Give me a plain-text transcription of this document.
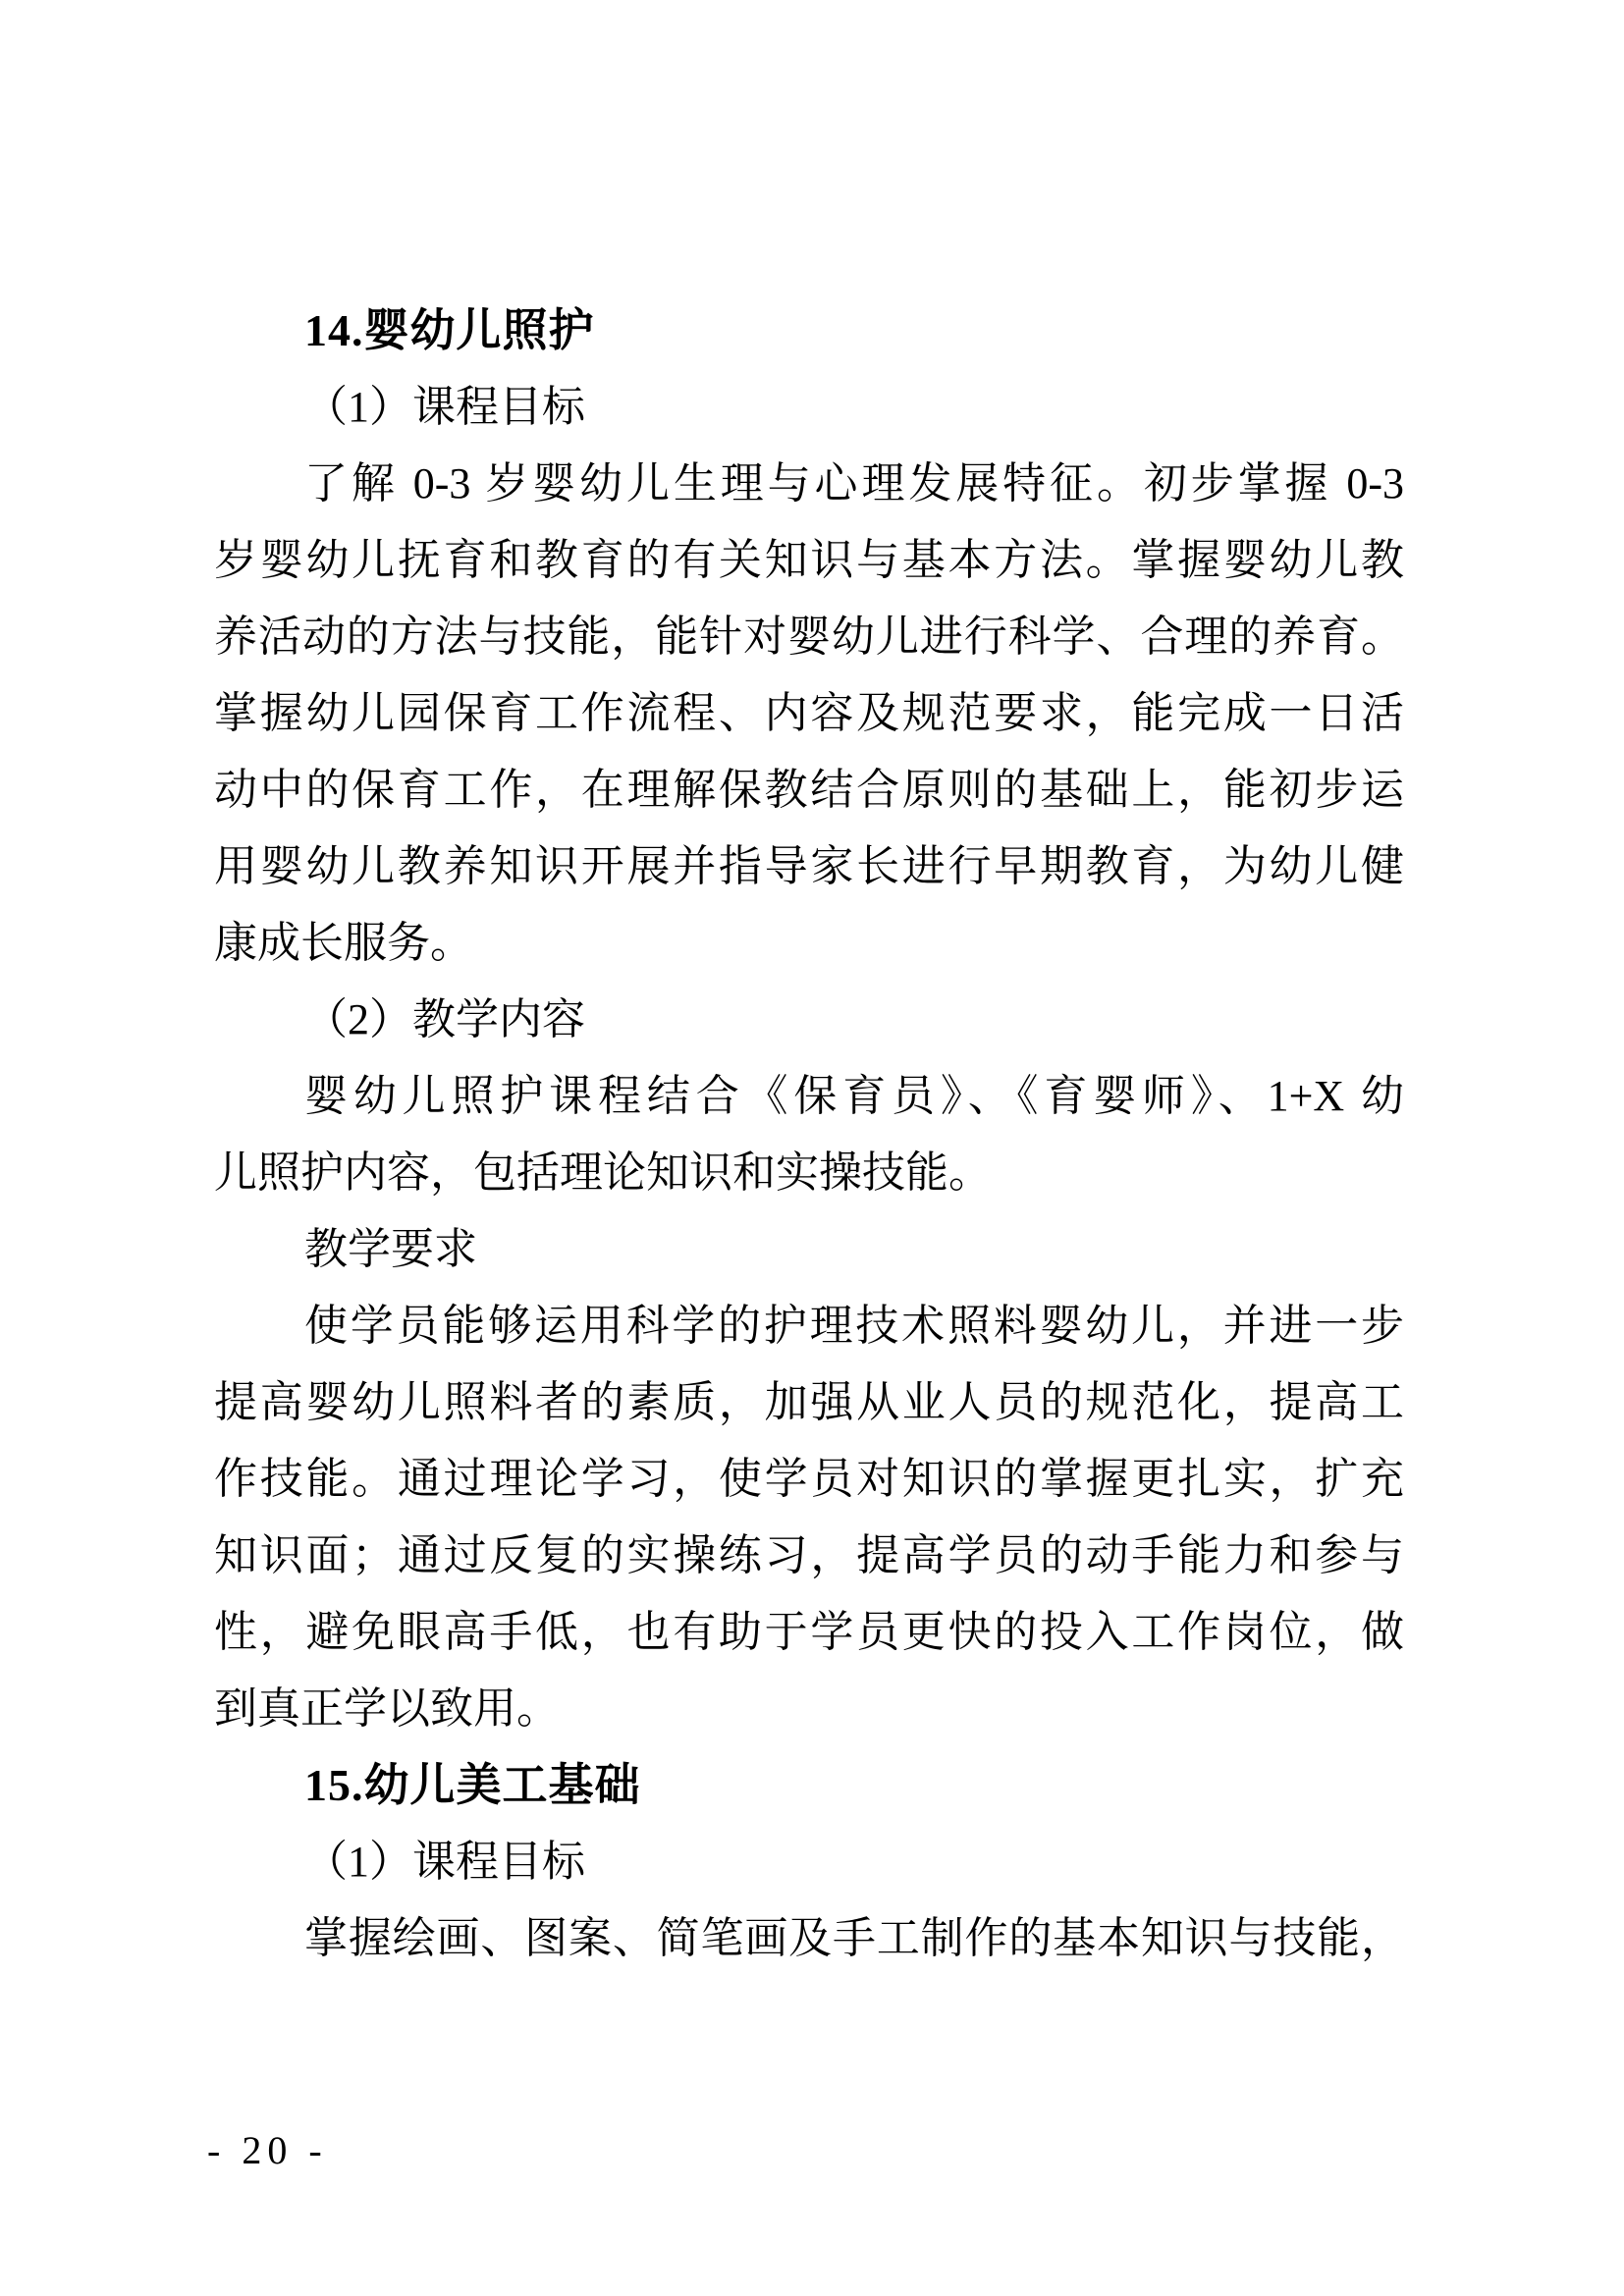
14.婴幼儿照护
（1）课程目标
了解 0-3 岁婴幼儿生理与心理发展特征。初步掌握 0-3
岁婴幼儿抚育和教育的有关知识与基本方法。掌握婴幼儿教
养活动的方法与技能，能针对婴幼儿进行科学、合理的养育。
掌握幼儿园保育工作流程、内容及规范要求，能完成一日活
动中的保育工作，在理解保教结合原则的基础上，能初步运
用婴幼儿教养知识开展并指导家长进行早期教育，为幼儿健
康成长服务。
（2）教学内容
婴幼儿照护课程结合《保育员》、《育婴师》、1+X 幼
儿照护内容，包括理论知识和实操技能。
教学要求
使学员能够运用科学的护理技术照料婴幼儿，并进一步
提高婴幼儿照料者的素质，加强从业人员的规范化，提高工
作技能。通过理论学习，使学员对知识的掌握更扎实，扩充
知识面；通过反复的实操练习，提高学员的动手能力和参与
性，避免眼高手低，也有助于学员更快的投入工作岗位，做
到真正学以致用。
15.幼儿美工基础
（1）课程目标
掌握绘画、图案、简笔画及手工制作的基本知识与技能，
- 20 -
